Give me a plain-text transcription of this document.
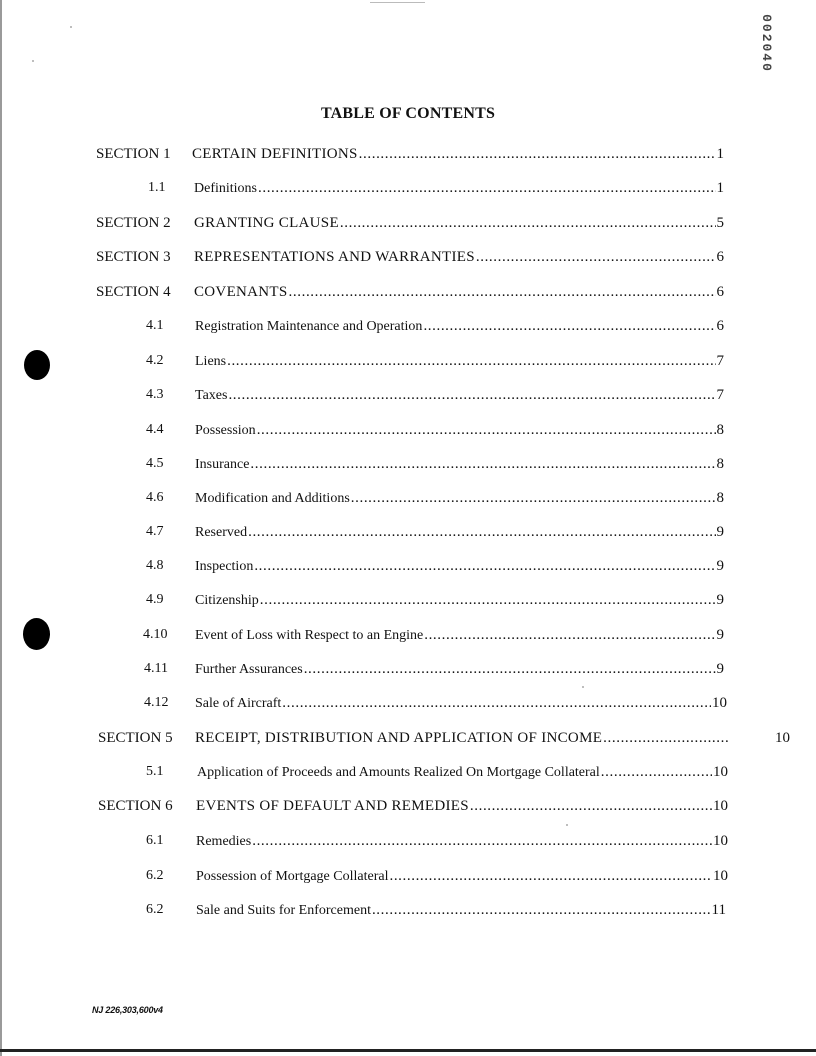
002040
TABLE OF CONTENTS
SECTION 1 CERTAIN DEFINITIONS .....	1
1.1 Definitions .....	1
SECTION 2 GRANTING CLAUSE .....	5
SECTION 3 REPRESENTATIONS AND WARRANTIES .....	6
SECTION 4 COVENANTS .....	6
4.1 Registration Maintenance and Operation .....	6
4.2 Liens .....	7
4.3 Taxes .....	7
4.4 Possession .....	8
4.5 Insurance .....	8
4.6 Modification and Additions .....	8
4.7 Reserved .....	9
4.8 Inspection .....	9
4.9 Citizenship .....	9
4.10 Event of Loss with Respect to an Engine .....	9
4.11 Further Assurances .....	9
4.12 Sale of Aircraft .....	10
SECTION 5 RECEIPT, DISTRIBUTION AND APPLICATION OF INCOME .....	10
5.1 Application of Proceeds and Amounts Realized On Mortgage Collateral .....	10
SECTION 6 EVENTS OF DEFAULT AND REMEDIES .....	10
6.1 Remedies .....	10
6.2 Possession of Mortgage Collateral .....	10
6.2 Sale and Suits for Enforcement .....	11
NJ 226,303,600v4
